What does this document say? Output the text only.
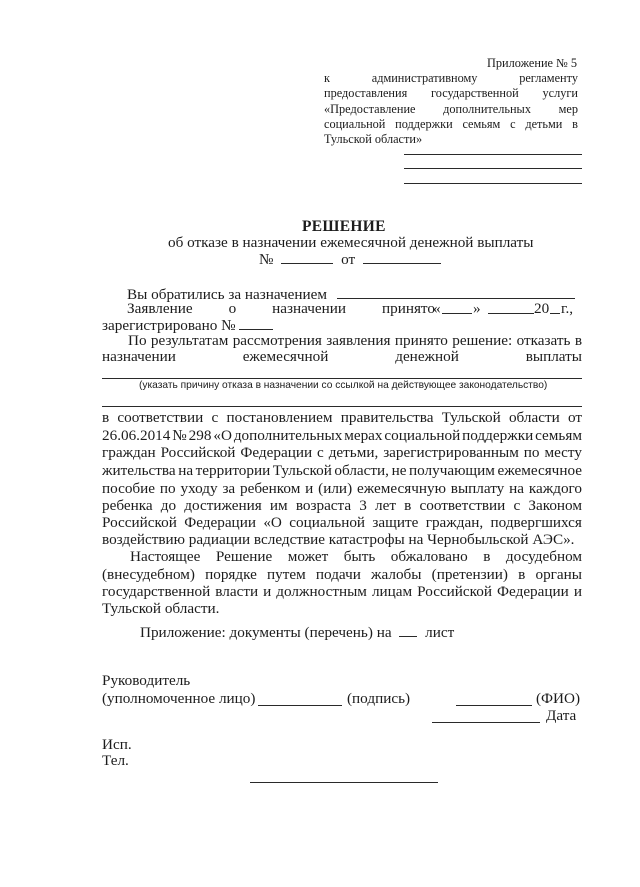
Приложение № 5
к	административному	регламенту
предоставления государственной услуги
«Предоставление дополнительных мер
социальной поддержки семьям с детьми в
Тульской области»
РЕШЕНИЕ
об отказе в назначении ежемесячной денежной выплаты
№	от
Вы обратились за назначением
Заявление о назначении принято
« »	20 г.,
зарегистрировано №
По результатам рассмотрения заявления принято решение: отказать в
назначении	ежемесячной	денежной	выплаты
(указать причину отказа в назначении со ссылкой на действующее законодательство)
в соответствии с постановлением правительства Тульской области от
26.06.2014 № 298 «О дополнительных мерах социальной поддержки семьям
граждан Российской Федерации с детьми, зарегистрированным по месту
жительства на территории Тульской области, не получающим ежемесячное
пособие по уходу за ребенком и (или) ежемесячную выплату на каждого
ребенка до достижения им возраста 3 лет в соответствии с Законом
Российской Федерации «О социальной защите граждан, подвергшихся
воздействию радиации вследствие катастрофы на Чернобыльской АЭС».
Настоящее Решение может быть обжаловано в досудебном
(внесудебном) порядке путем подачи жалобы (претензии) в органы
государственной власти и должностным лицам Российской Федерации и
Тульской области.
Приложение: документы (перечень) на лист
Руководитель
(уполномоченное лицо)	(подпись)	(ФИО)
Дата
Исп.
Тел.
